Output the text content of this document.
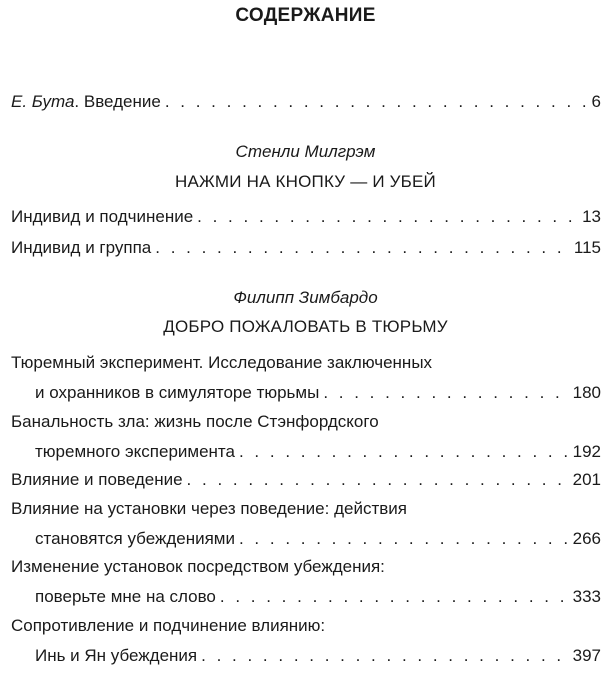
СОДЕРЖАНИЕ
Е. Бута. Введение . . .	6
Стенли Милгрэм
НАЖМИ НА КНОПКУ — И УБЕЙ
Индивид и подчинение . . .	13
Индивид и группа . . .	115
Филипп Зимбардо
ДОБРО ПОЖАЛОВАТЬ В ТЮРЬМУ
Тюремный эксперимент. Исследование заключенных
и охранников в симуляторе тюрьмы . . .	180
Банальность зла: жизнь после Стэнфордского
тюремного эксперимента . . .	192
Влияние и поведение . . .	201
Влияние на установки через поведение: действия
становятся убеждениями . . .	266
Изменение установок посредством убеждения:
поверьте мне на слово . . .	333
Сопротивление и подчинение влиянию:
Инь и Ян убеждения . . .	397
